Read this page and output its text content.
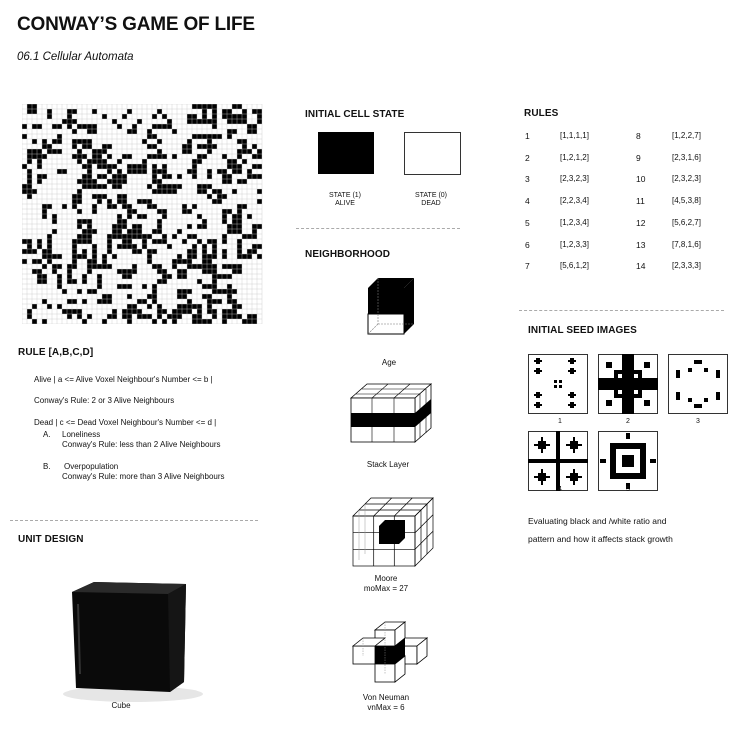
CONWAY’S GAME OF LIFE
06.1 Cellular Automata
RULE [A,B,C,D]
Alive | a <= Alive Voxel Neighbour's Number <= b |
Conway's Rule: 2 or 3 Alive Neighbours
Dead | c <= Dead Voxel Neighbour's Number <= d |
A. Loneliness
Conway's Rule: less than 2 Alive Neighbours
B. Overpopulation
Conway's Rule: more than 3 Alive Neighbours
UNIT DESIGN
Cube
INITIAL CELL STATE
STATE (1)
ALIVE
STATE (0)
DEAD
NEIGHBORHOOD
Age
Stack Layer
Moore
moMax = 27
Von Neuman
vnMax = 6
RULES
1	[1,1,1,1]
2	[1,2,1,2]
3	[2,3,2,3]
4	[2,2,3,4]
5	[1,2,3,4]
6	[1,2,3,3]
7	[5,6,1,2]
8	[1,2,2,7]
9	[2,3,1,6]
10	[2,3,2,3]
11	[4,5,3,8]
12	[5,6,2,7]
13	[7,8,1,6]
14	[2,3,3,3]
INITIAL SEED IMAGES
1	2	3
4	5
Evaluating black and /white ratio and
pattern and how it affects stack growth
